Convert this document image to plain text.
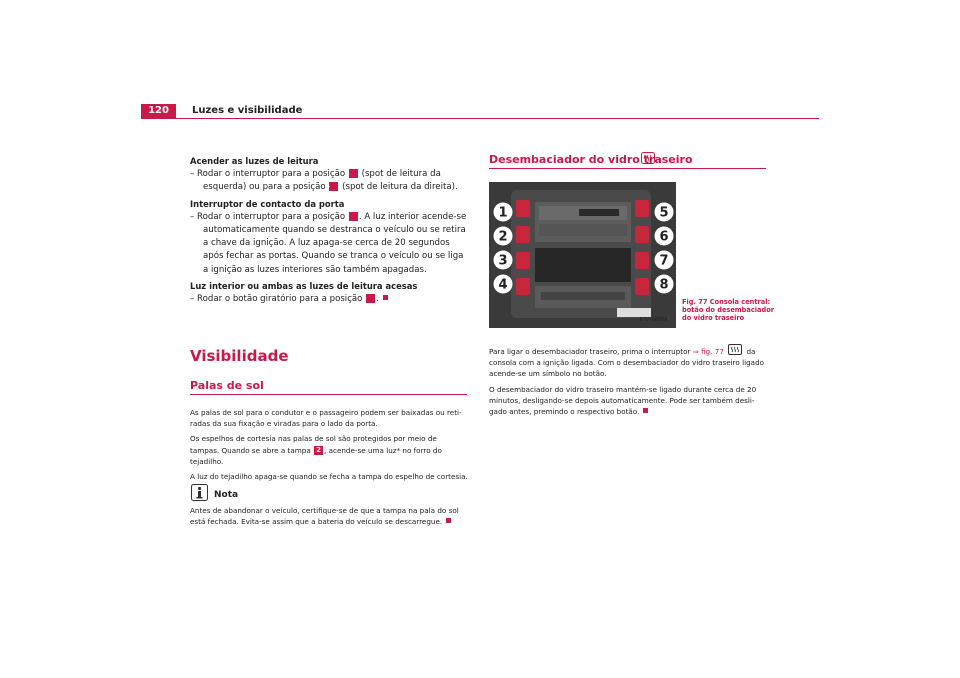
120	Luzes e visibilidade
Acender as luzes de leitura
– Rodar o interruptor para a posição 2 (spot de leitura da esquerda) ou para a posição 4 (spot de leitura da direita).
Interruptor de contacto da porta
– Rodar o interruptor para a posição 3 . A luz interior acende-se automaticamente quando se destranca o veículo ou se retira a chave da ignição. A luz apaga-se cerca de 20 segundos após fechar as portas. Quando se tranca o veículo ou se liga a ignição as luzes interiores são também apagadas.
Luz interior ou ambas as luzes de leitura acesas
– Rodar o botão giratório para a posição 5 .
Visibilidade
Palas de sol
As palas de sol para o condutor e o passageiro podem ser baixadas ou reti- radas da sua fixação e viradas para o lado da porta.
Os espelhos de cortesia nas palas de sol são protegidos por meio de tampas. Quando se abre a tampa 2 , acende-se uma luz* no forro do tejadilho.
A luz do tejadilho apaga-se quando se fecha a tampa do espelho de cortesia.
Nota
Antes de abandonar o veículo, certifique-se de que a tampa na pala do sol está fechada. Evita-se assim que a bateria do veículo se descarregue.
Desembaciador do vidro traseiro
B7V-0066A
1
2
3
4
5
6
7
8
Fig. 77 Consola central:
botão do desembaciador
do vidro traseiro
Para ligar o desembaciador traseiro, prima o interruptor ⇒ fig. 77	da consola com a ignição ligada. Com o desembaciador do vidro traseiro ligado acende-se um símbolo no botão.
O desembaciador do vidro traseiro mantém-se ligado durante cerca de 20 minutos, desligando-se depois automaticamente. Pode ser também desli- gado antes, premindo o respectivo botão.
